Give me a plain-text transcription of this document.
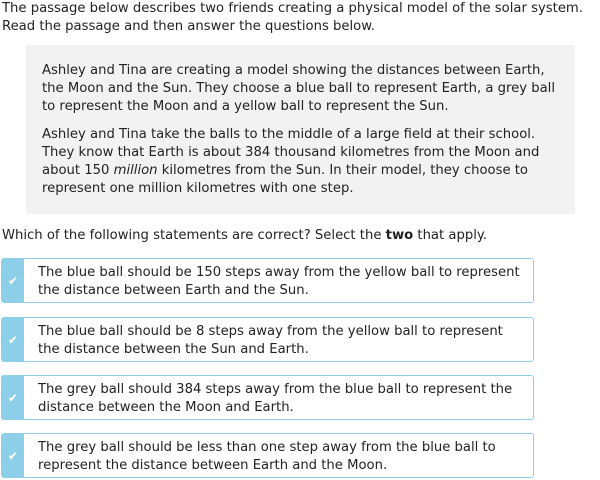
The passage below describes two friends creating a physical model of the solar system. Read the passage and then answer the questions below.

Ashley and Tina are creating a model showing the distances between Earth, the Moon and the Sun. They choose a blue ball to represent Earth, a grey ball to represent the Moon and a yellow ball to represent the Sun.

Ashley and Tina take the balls to the middle of a large field at their school. They know that Earth is about 384 thousand kilometres from the Moon and about 150 million kilometres from the Sun. In their model, they choose to represent one million kilometres with one step.

Which of the following statements are correct? Select the two that apply.
✔
The blue ball should be 150 steps away from the yellow ball to represent the distance between Earth and the Sun.
✔
The blue ball should be 8 steps away from the yellow ball to represent the distance between the Sun and Earth.
✔
The grey ball should 384 steps away from the blue ball to represent the distance between the Moon and Earth.
✔
The grey ball should be less than one step away from the blue ball to represent the distance between Earth and the Moon.
